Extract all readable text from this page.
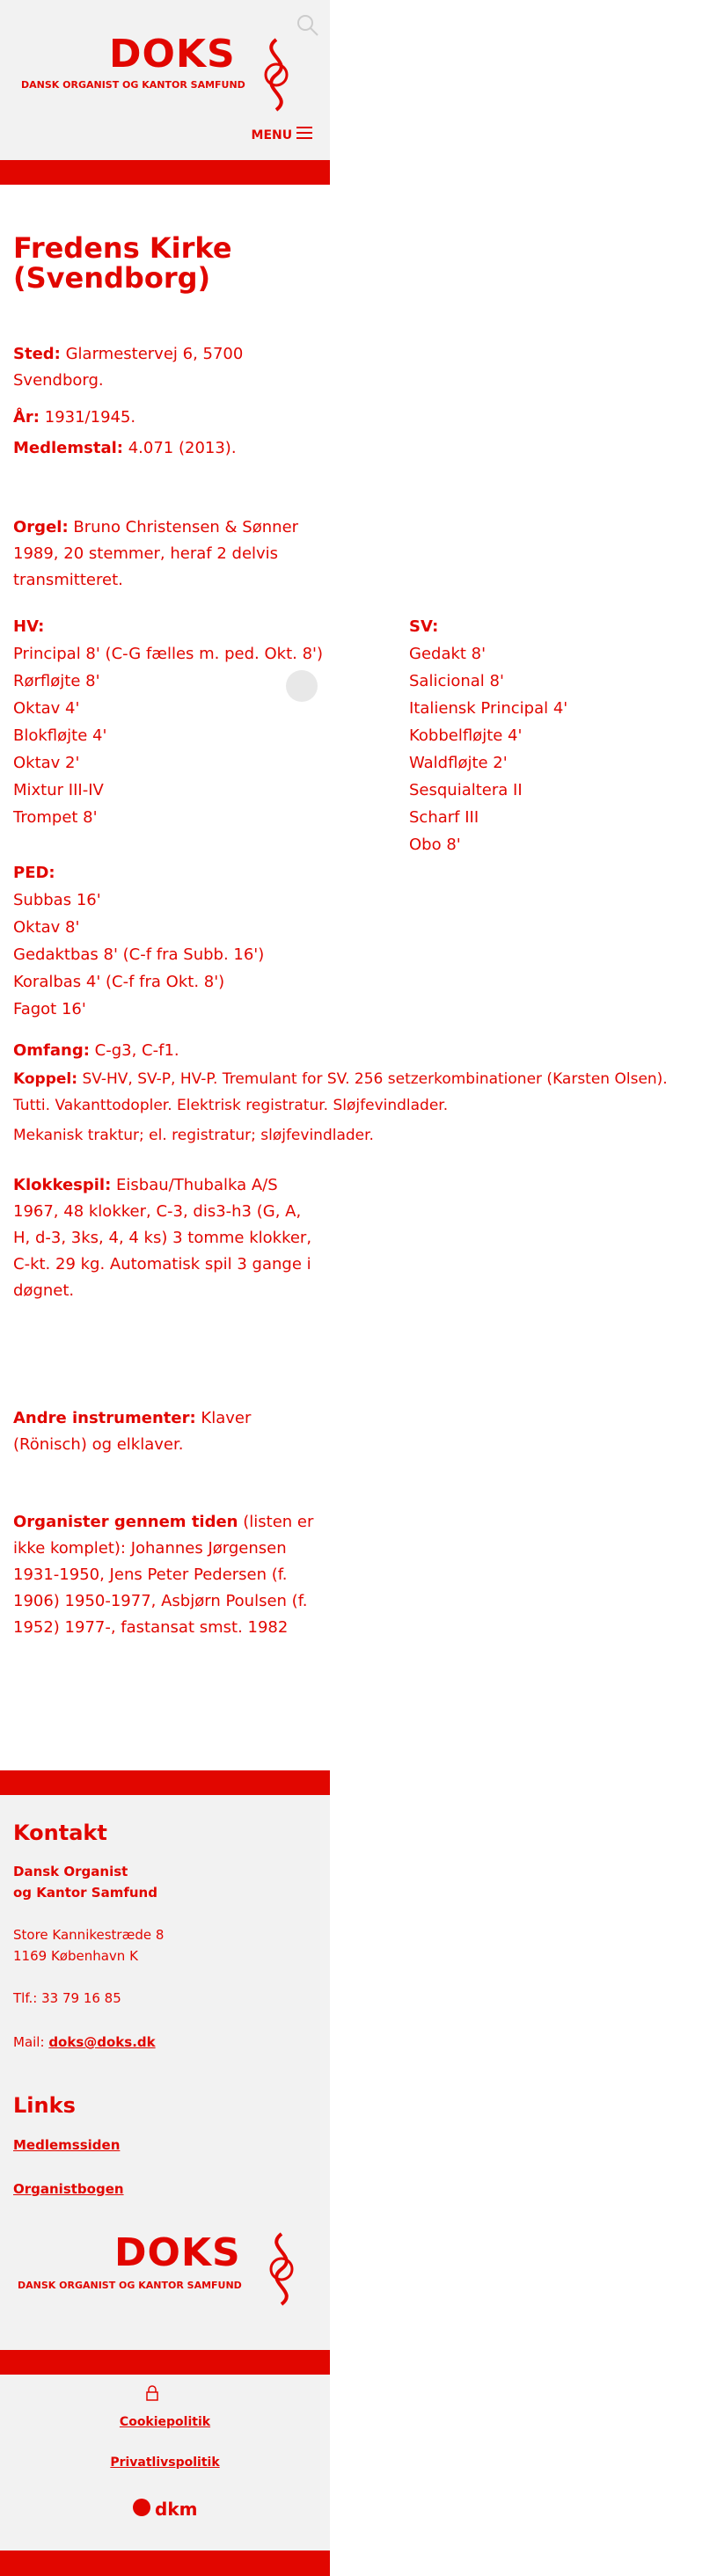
DOKS
DANSK ORGANIST OG KANTOR SAMFUND
MENU
Fredens Kirke (Svendborg)
Sted: Glarmestervej 6, 5700 Svendborg.
År: 1931/1945.
Medlemstal: 4.071 (2013).
Orgel: Bruno Christensen & Sønner 1989, 20 stemmer, heraf 2 delvis transmitteret.
HV:
Principal 8' (C-G fælles m. ped. Okt. 8')
Rørfløjte 8'
Oktav 4'
Blokfløjte 4'
Oktav 2'
Mixtur III-IV
Trompet 8'
SV:
Gedakt 8'
Salicional 8'
Italiensk Principal 4'
Kobbelfløjte 4'
Waldfløjte 2'
Sesquialtera II
Scharf III
Obo 8'
PED:
Subbas 16'
Oktav 8'
Gedaktbas 8' (C-f fra Subb. 16')
Koralbas 4' (C-f fra Okt. 8')
Fagot 16'
Omfang: C-g3, C-f1.
Koppel: SV-HV, SV-P, HV-P. Tremulant for SV. 256 setzerkombinationer (Karsten Olsen). Tutti. Vakanttodopler. Elektrisk registratur. Sløjfevindlader.
Mekanisk traktur; el. registratur; sløjfevindlader.
Klokkespil: Eisbau/Thubalka A/S 1967, 48 klokker, C-3, dis3-h3 (G, A, H, d-3, 3ks, 4, 4 ks) 3 tomme klokker, C-kt. 29 kg. Automatisk spil 3 gange i døgnet.
Andre instrumenter: Klaver (Rönisch) og elklaver.
Organister gennem tiden (listen er ikke komplet): Johannes Jørgensen 1931-1950, Jens Peter Pedersen (f. 1906) 1950-1977, Asbjørn Poulsen (f. 1952) 1977-, fastansat smst. 1982
Kontakt
Dansk Organist
og Kantor Samfund
Store Kannikestræde 8
1169 København K
Tlf.: 33 79 16 85
Mail: doks@doks.dk
Links
Medlemssiden
Organistbogen
DOKS
DANSK ORGANIST OG KANTOR SAMFUND
Cookiepolitik
Privatlivspolitik
dkm
